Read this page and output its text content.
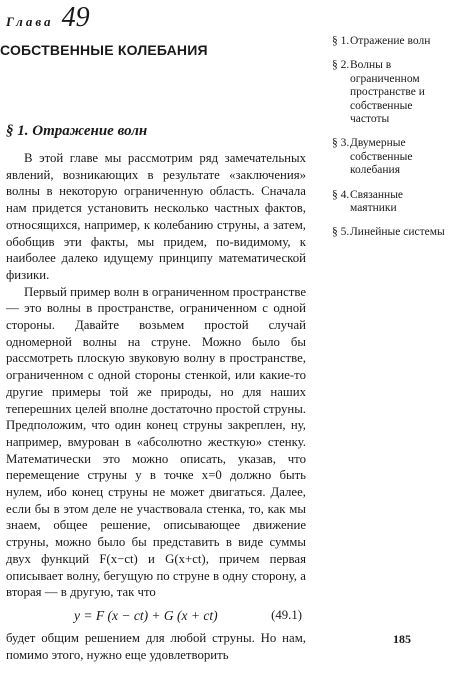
Глава 49
СОБСТВЕННЫЕ КОЛЕБАНИЯ
§ 1. Отражение волн

В этой главе мы рассмотрим ряд замечательных явлений, возникающих в результате «заключения» волны в некоторую ограниченную область. Сначала нам придется установить несколько частных фактов, относящихся, например, к колебанию струны, а затем, обобщив эти факты, мы придем, по-видимому, к наиболее далеко идущему принципу математической физики.

Первый пример волн в ограниченном пространстве — это волны в пространстве, ограниченном с одной стороны. Давайте возьмем простой случай одномерной волны на струне. Можно было бы рассмотреть плоскую звуковую волну в пространстве, ограниченном с одной стороны стенкой, или какие-то другие примеры той же природы, но для наших теперешних целей вполне достаточно простой струны. Предположим, что один конец струны закреплен, ну, например, вмурован в «абсолютно жесткую» стенку. Математически это можно описать, указав, что перемещение струны y в точке x=0 должно быть нулем, ибо конец струны не может двигаться. Далее, если бы в этом деле не участвовала стенка, то, как мы знаем, общее решение, описывающее движение струны, можно было бы представить в виде суммы двух функций F(x−ct) и G(x+ct), причем первая описывает волну, бегущую по струне в одну сторону, а вторая — в другую, так что

y = F (x − ct) + G (x + ct)	(49.1)

будет общим решением для любой струны. Но нам, помимо этого, нужно еще удовлетворить

§ 1. Отражение волн
§ 2. Волны в ограниченном пространстве и собственные частоты
§ 3. Двумерные собственные колебания
§ 4. Связанные маятники
§ 5. Линейные системы
185
